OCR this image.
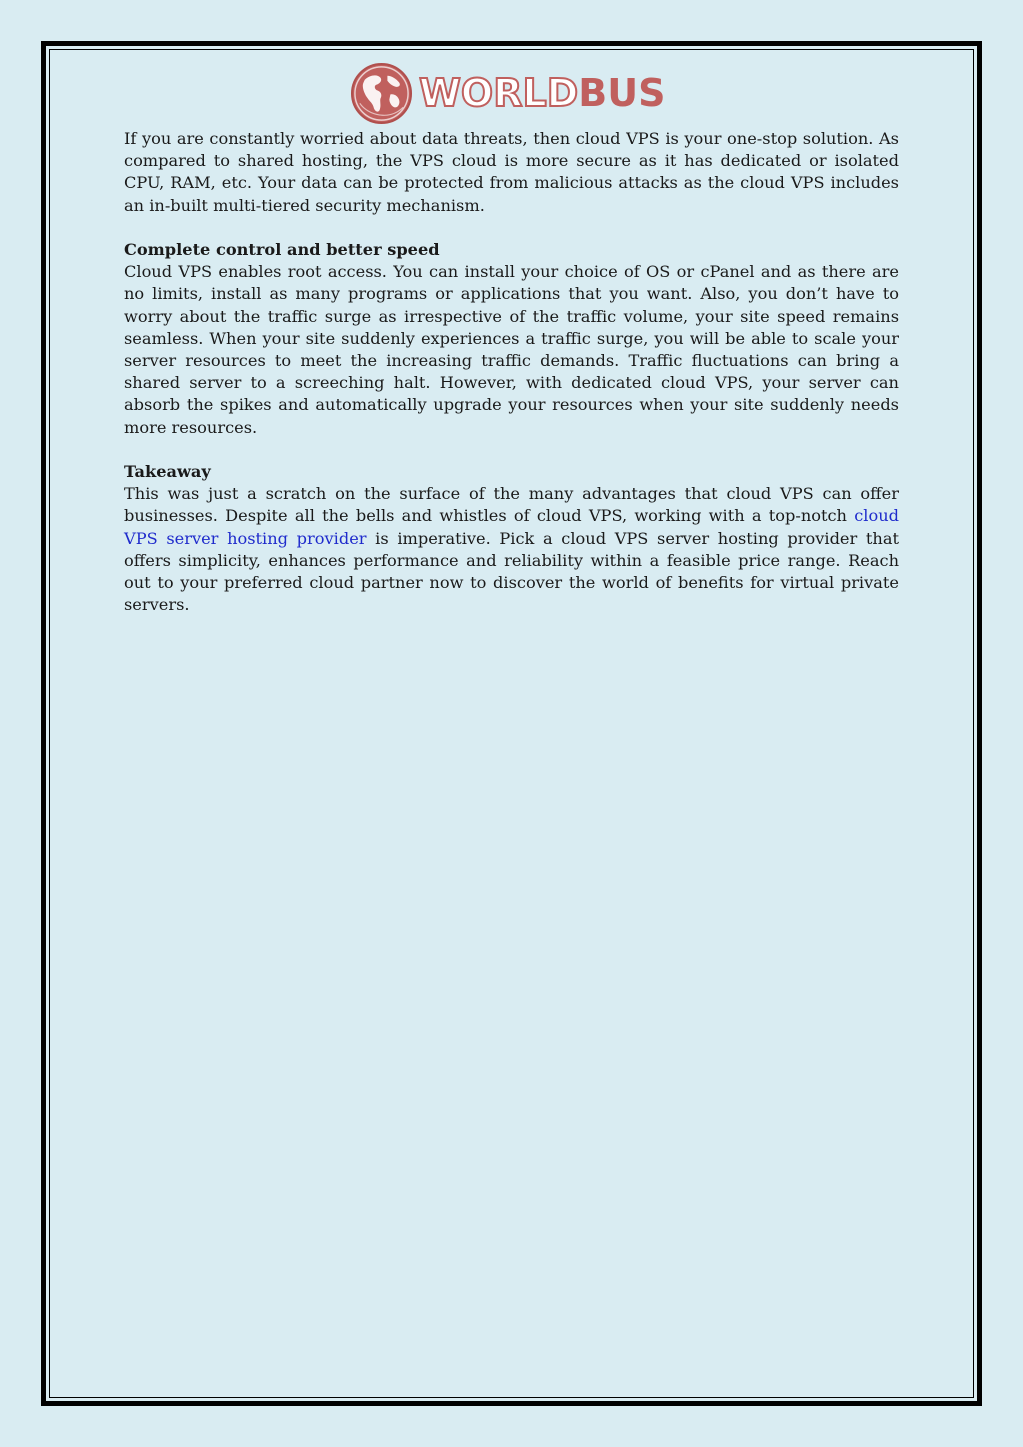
WORLD BUS

If you are constantly worried about data threats, then cloud VPS is your one-stop solution. As compared to shared hosting, the VPS cloud is more secure as it has dedicated or isolated CPU, RAM, etc. Your data can be protected from malicious attacks as the cloud VPS includes an in-built multi-tiered security mechanism.

Complete control and better speed

Cloud VPS enables root access. You can install your choice of OS or cPanel and as there are no limits, install as many programs or applications that you want. Also, you don’t have to worry about the traffic surge as irrespective of the traffic volume, your site speed remains seamless. When your site suddenly experiences a traffic surge, you will be able to scale your server resources to meet the increasing traffic demands. Traffic fluctuations can bring a shared server to a screeching halt. However, with dedicated cloud VPS, your server can absorb the spikes and automatically upgrade your resources when your site suddenly needs more resources.

Takeaway

This was just a scratch on the surface of the many advantages that cloud VPS can offer businesses. Despite all the bells and whistles of cloud VPS, working with a top-notch cloud VPS server hosting provider is imperative. Pick a cloud VPS server hosting provider that offers simplicity, enhances performance and reliability within a feasible price range. Reach out to your preferred cloud partner now to discover the world of benefits for virtual private servers.
